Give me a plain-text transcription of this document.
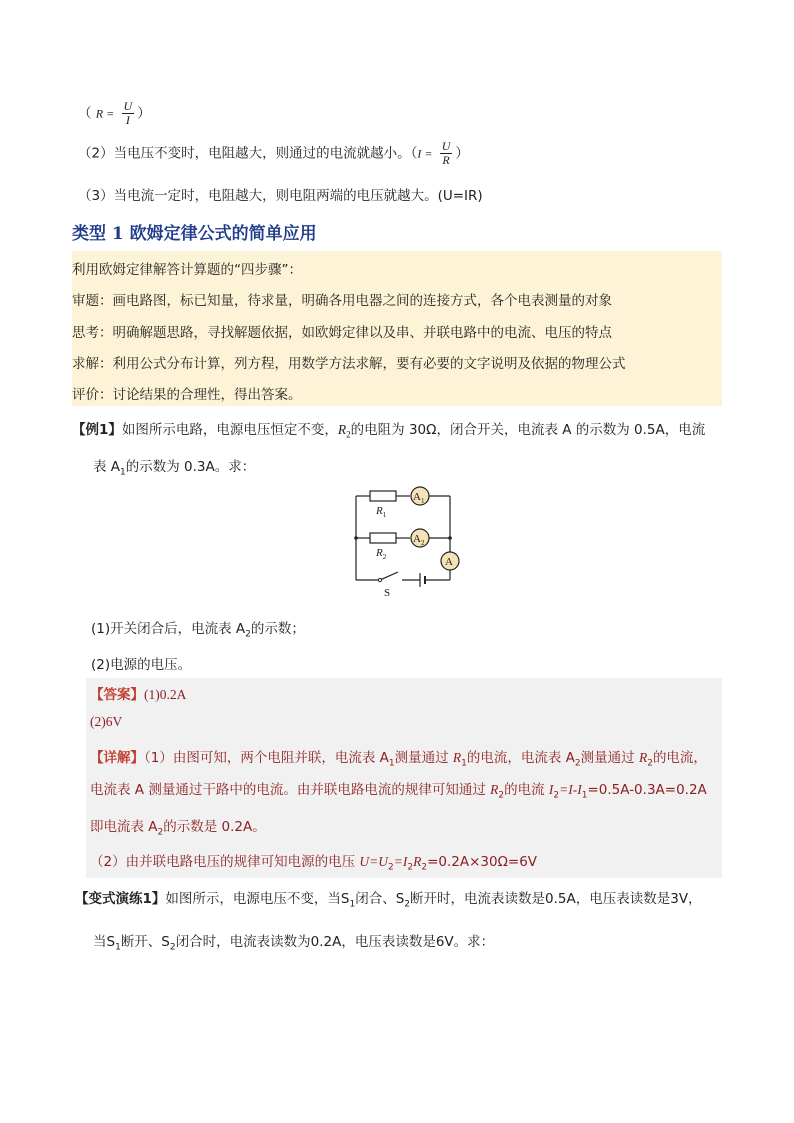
（ $R = \frac{U}{I}$ ）
（2）当电压不变时，电阻越大，则通过的电流就越小。（$I = \frac{U}{R}$ ）
（3）当电流一定时，电阻越大，则电阻两端的电压就越大。(U=IR)
类型 1 欧姆定律公式的简单应用
利用欧姆定律解答计算题的“四步骤”：
审题：画电路图，标已知量，待求量，明确各用电器之间的连接方式，各个电表测量的对象
思考：明确解题思路，寻找解题依据，如欧姆定律以及串、并联电路中的电流、电压的特点
求解：利用公式分布计算，列方程，用数学方法求解，要有必要的文字说明及依据的物理公式
评价：讨论结果的合理性，得出答案。
【例1】如图所示电路，电源电压恒定不变，$R_2$的电阻为 30Ω，闭合开关，电流表 A 的示数为 0.5A，电流
表 $A_1$的示数为 0.3A。求：
$A_1$
$A_2$
A
$R_1$
$R_2$
S
(1)开关闭合后，电流表 $A_2$的示数；
(2)电源的电压。
【答案】(1)0.2A
(2)6V
【详解】（1）由图可知，两个电阻并联，电流表 $A_1$测量通过 $R_1$的电流，电流表 $A_2$测量通过 $R_2$的电流，
电流表 A 测量通过干路中的电流。由并联电路电流的规律可知通过 $R_2$的电流 $I_2=I-I_1=0.5A-0.3A=0.2A$
即电流表 $A_2$的示数是 0.2A。
（2）由并联电路电压的规律可知电源的电压 $U=U_2=I_2R_2=0.2A\times 30\Omega=6V$
【变式演练1】如图所示，电源电压不变，当$S_1$闭合、$S_2$断开时，电流表读数是0.5A，电压表读数是3V，
当$S_1$断开、$S_2$闭合时，电流表读数为0.2A，电压表读数是6V。求：
